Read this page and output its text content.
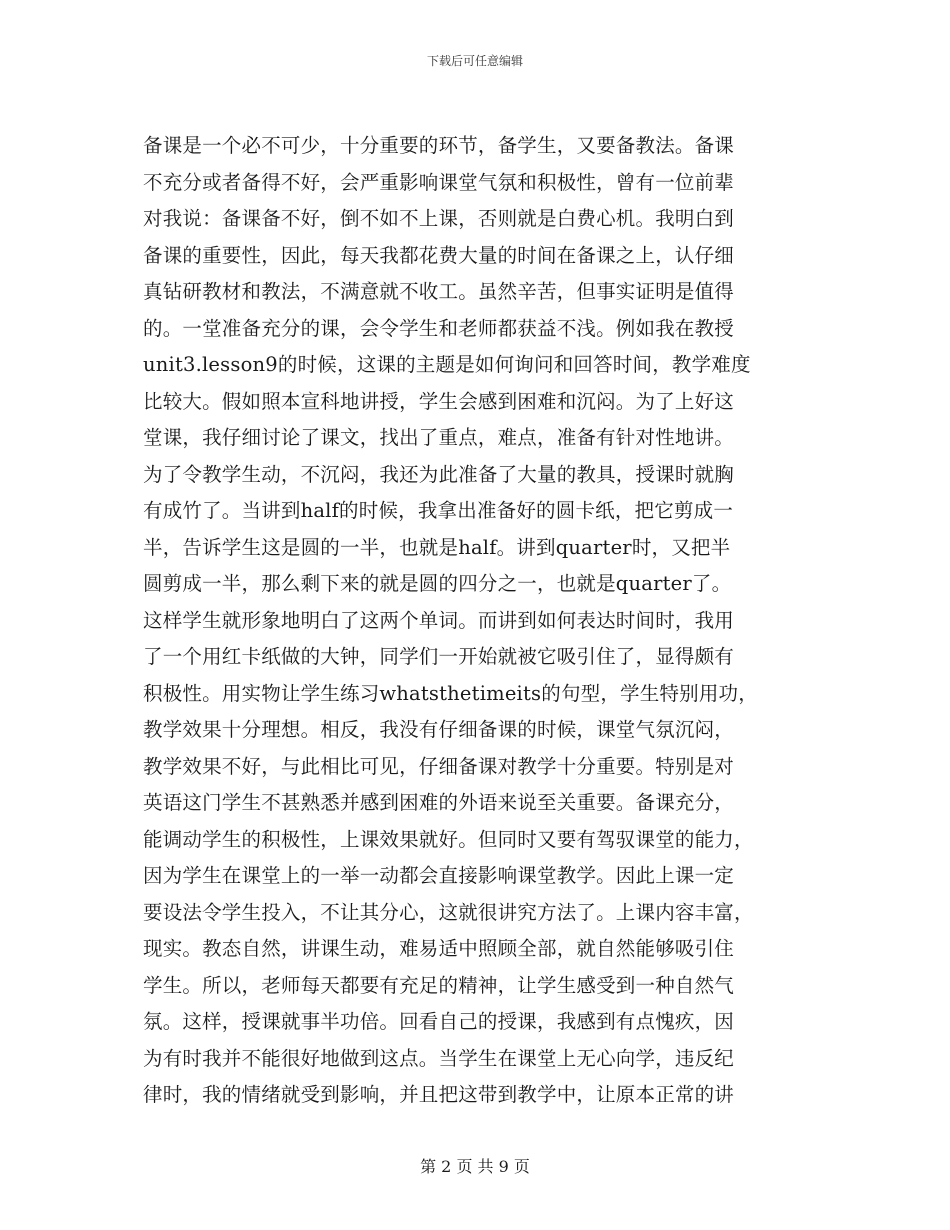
下载后可任意编辑
备课是一个必不可少，十分重要的环节，备学生，又要备教法。备课
不充分或者备得不好，会严重影响课堂气氛和积极性，曾有一位前辈
对我说：备课备不好，倒不如不上课，否则就是白费心机。我明白到
备课的重要性，因此，每天我都花费大量的时间在备课之上，认仔细
真钻研教材和教法，不满意就不收工。虽然辛苦，但事实证明是值得
的。一堂准备充分的课，会令学生和老师都获益不浅。例如我在教授
unit3.lesson9的时候，这课的主题是如何询问和回答时间，教学难度
比较大。假如照本宣科地讲授，学生会感到困难和沉闷。为了上好这
堂课，我仔细讨论了课文，找出了重点，难点，准备有针对性地讲。
为了令教学生动，不沉闷，我还为此准备了大量的教具，授课时就胸
有成竹了。当讲到half的时候，我拿出准备好的圆卡纸，把它剪成一
半，告诉学生这是圆的一半，也就是half。讲到quarter时，又把半
圆剪成一半，那么剩下来的就是圆的四分之一，也就是quarter了。
这样学生就形象地明白了这两个单词。而讲到如何表达时间时，我用
了一个用红卡纸做的大钟，同学们一开始就被它吸引住了，显得颇有
积极性。用实物让学生练习whatsthetimeits的句型，学生特别用功，
教学效果十分理想。相反，我没有仔细备课的时候，课堂气氛沉闷，
教学效果不好，与此相比可见，仔细备课对教学十分重要。特别是对
英语这门学生不甚熟悉并感到困难的外语来说至关重要。备课充分，
能调动学生的积极性，上课效果就好。但同时又要有驾驭课堂的能力，
因为学生在课堂上的一举一动都会直接影响课堂教学。因此上课一定
要设法令学生投入，不让其分心，这就很讲究方法了。上课内容丰富，
现实。教态自然，讲课生动，难易适中照顾全部，就自然能够吸引住
学生。所以，老师每天都要有充足的精神，让学生感受到一种自然气
氛。这样，授课就事半功倍。回看自己的授课，我感到有点愧疚，因
为有时我并不能很好地做到这点。当学生在课堂上无心向学，违反纪
律时，我的情绪就受到影响，并且把这带到教学中，让原本正常的讲
第 2 页 共 9 页
